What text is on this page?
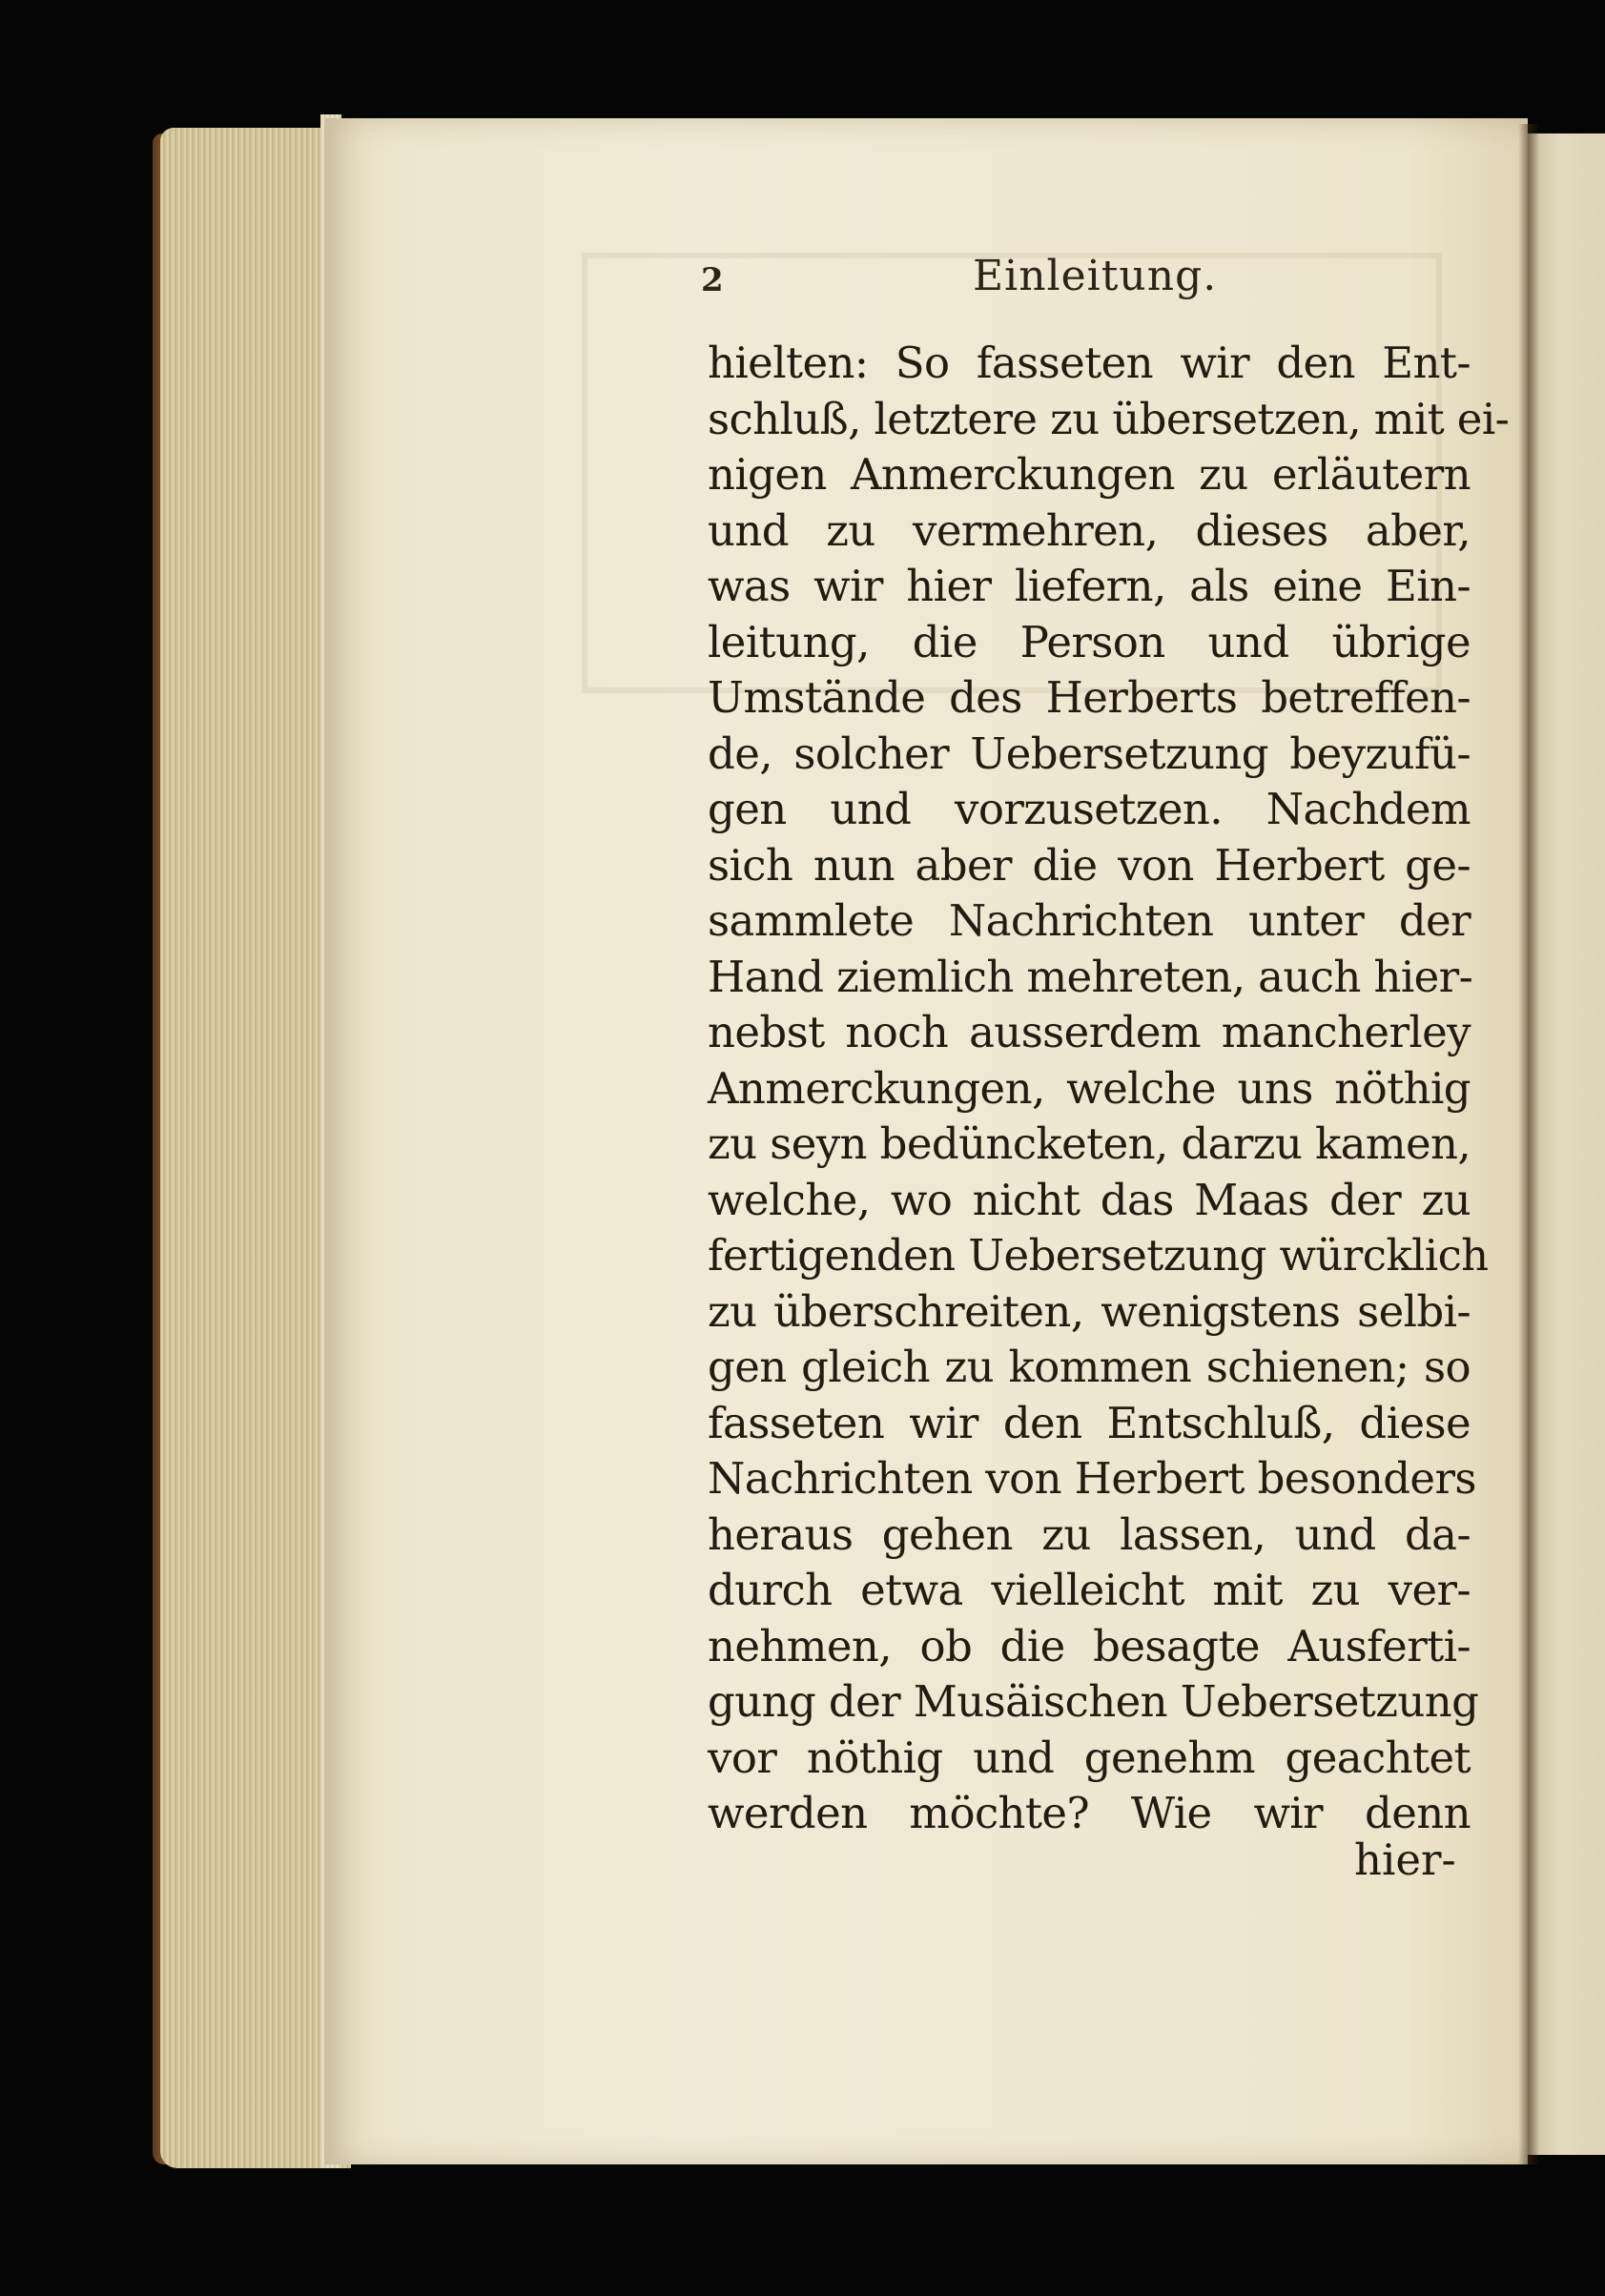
2	Einleitung.
hielten: So fasseten wir den Ent-
schluß, letztere zu übersetzen, mit ei-
nigen Anmerckungen zu erläutern
und zu vermehren, dieses aber,
was wir hier liefern, als eine Ein-
leitung, die Person und übrige
Umstände des Herberts betreffen-
de, solcher Uebersetzung beyzufü-
gen und vorzusetzen. Nachdem
sich nun aber die von Herbert ge-
sammlete Nachrichten unter der
Hand ziemlich mehreten, auch hier-
nebst noch ausserdem mancherley
Anmerckungen, welche uns nöthig
zu seyn bedüncketen, darzu kamen,
welche, wo nicht das Maas der zu
fertigenden Uebersetzung würcklich
zu überschreiten, wenigstens selbi-
gen gleich zu kommen schienen; so
fasseten wir den Entschluß, diese
Nachrichten von Herbert besonders
heraus gehen zu lassen, und da-
durch etwa vielleicht mit zu ver-
nehmen, ob die besagte Ausferti-
gung der Musäischen Uebersetzung
vor nöthig und genehm geachtet
werden möchte? Wie wir denn
hier-
